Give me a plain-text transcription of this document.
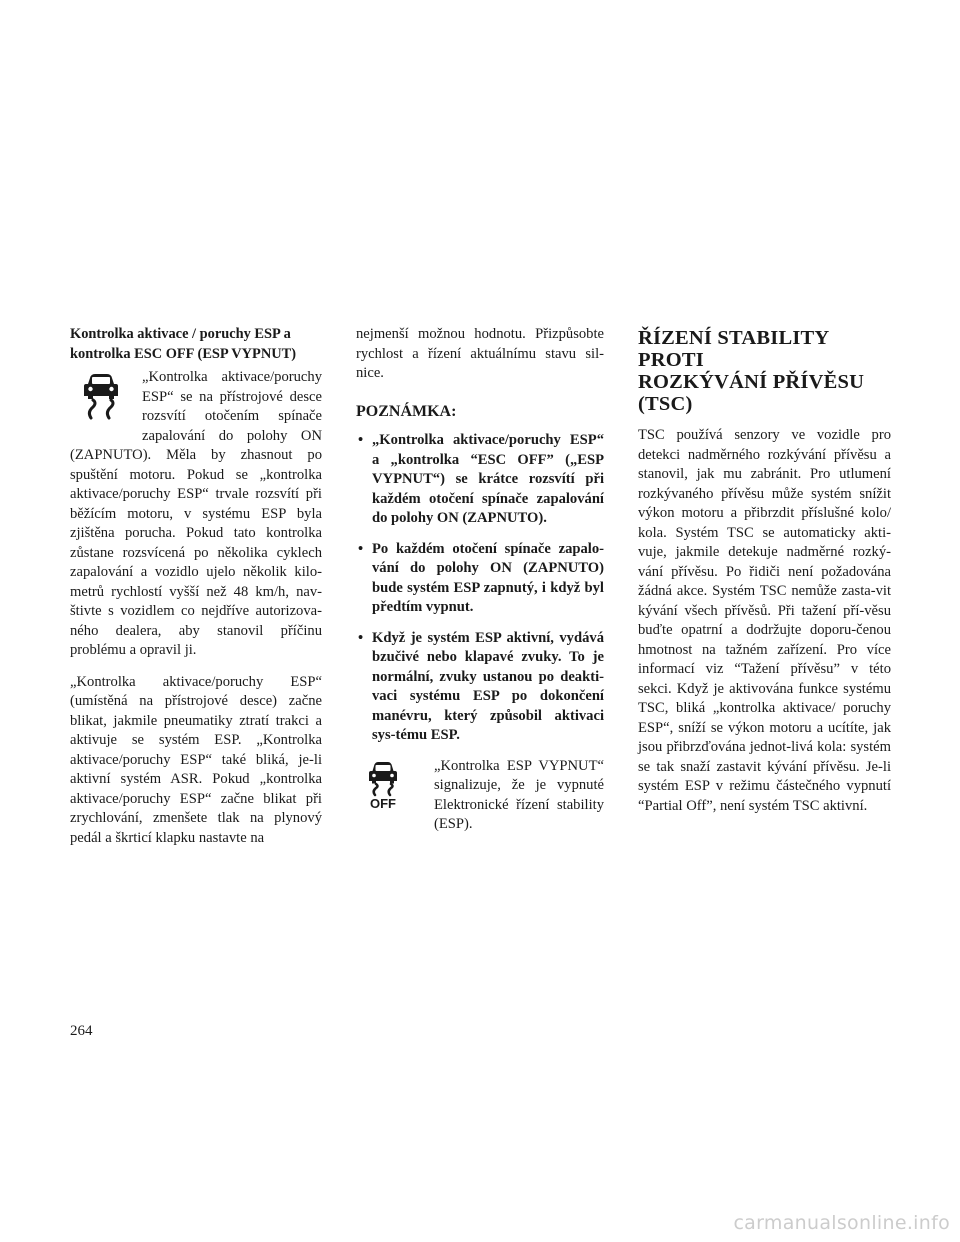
Kontrolka aktivace / poruchy ESP a
kontrolka ESC OFF (ESP VYPNUT)

„Kontrolka aktivace/poruchy ESP“ se na přístrojové desce rozsvítí otočením spínače zapalování do polohy ON (ZAPNUTO). Měla by zhasnout po spuštění motoru. Pokud se „kontrolka aktivace/poruchy ESP“ trvale rozsvítí při běžícím motoru, v systému ESP byla zjištěna porucha. Pokud tato kontrolka zůstane rozsvícená po několika cyklech zapalování a vozidlo ujelo několik kilo-metrů rychlostí vyšší než 48 km/h, nav-štivte s vozidlem co nejdříve autorizova-ného dealera, aby stanovil příčinu problému a opravil ji.

„Kontrolka aktivace/poruchy ESP“ (umístěná na přístrojové desce) začne blikat, jakmile pneumatiky ztratí trakci a aktivuje se systém ESP. „Kontrolka aktivace/poruchy ESP“ také bliká, je-li aktivní systém ASR. Pokud „kontrolka aktivace/poruchy ESP“ začne blikat při zrychlování, zmenšete tlak na plynový pedál a škrticí klapku nastavte na

nejmenší možnou hodnotu. Přizpůsobte rychlost a řízení aktuálnímu stavu sil-nice.

POZNÁMKA:
• „Kontrolka aktivace/poruchy ESP“ a „kontrolka “ESC OFF” („ESP VYPNUT“) se krátce rozsvítí při každém otočení spínače zapalování do polohy ON (ZAPNUTO).
• Po každém otočení spínače zapalo-vání do polohy ON (ZAPNUTO) bude systém ESP zapnutý, i když byl předtím vypnut.
• Když je systém ESP aktivní, vydává bzučivé nebo klapavé zvuky. To je normální, zvuky ustanou po deakti-vaci systému ESP po dokončení manévru, který způsobil aktivaci sys-tému ESP.
OFF

„Kontrolka ESP VYPNUT“ signalizuje, že je vypnuté Elektronické řízení stability (ESP).

ŘÍZENÍ STABILITY PROTI
ROZKÝVÁNÍ PŘÍVĚSU
(TSC)

TSC používá senzory ve vozidle pro detekci nadměrného rozkývání přívěsu a stanovil, jak mu zabránit. Pro utlumení rozkývaného přívěsu může systém snížit výkon motoru a přibrzdit příslušné kolo/ kola. Systém TSC se automaticky akti-vuje, jakmile detekuje nadměrné rozký-vání přívěsu. Po řidiči není požadována žádná akce. Systém TSC nemůže zasta-vit kývání všech přívěsů. Při tažení pří-věsu buďte opatrní a dodržujte doporu-čenou hmotnost na tažném zařízení. Pro více informací viz “Tažení přívěsu” v této sekci. Když je aktivována funkce systému TSC, bliká „kontrolka aktivace/ poruchy ESP“, sníží se výkon motoru a ucítíte, jak jsou přibrzďována jednot-livá kola: systém se tak snaží zastavit kývání přívěsu. Je-li systém ESP v režimu částečného vypnutí “Partial Off”, není systém TSC aktivní.

264
carmanualsonline.info
